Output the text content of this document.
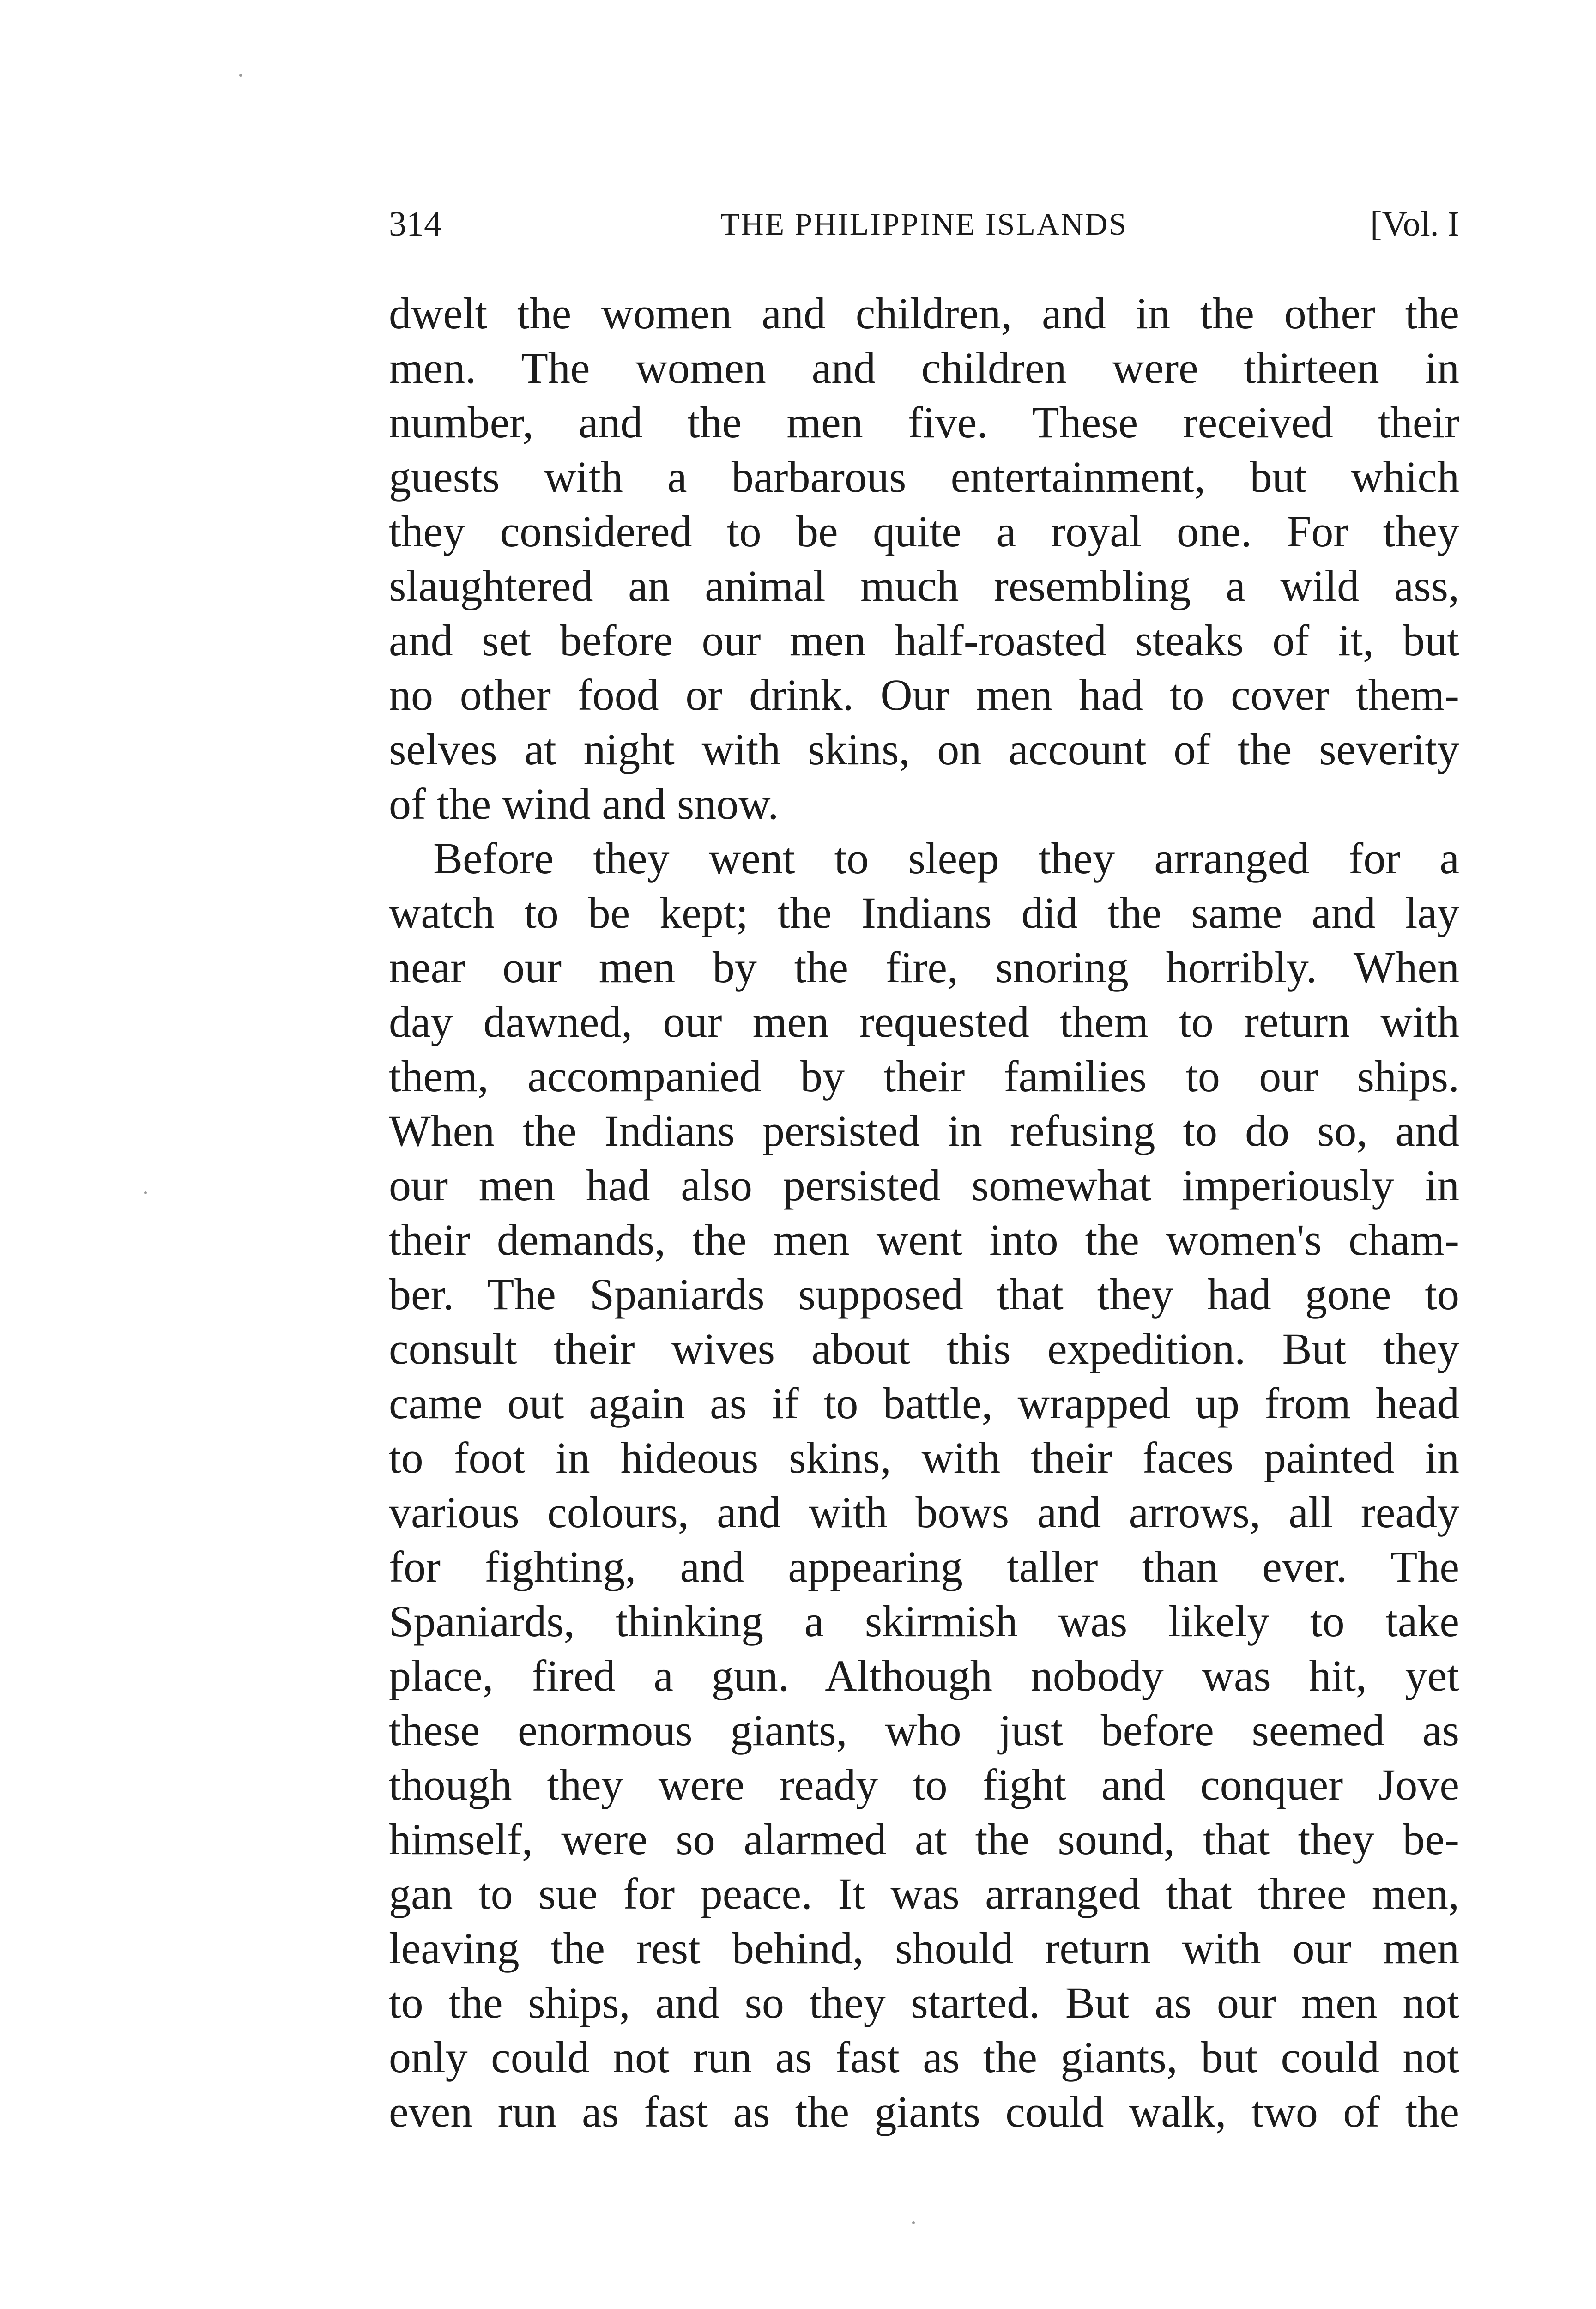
314	THE PHILIPPINE ISLANDS	[Vol. I
dwelt the women and children, and in the other the
men. The women and children were thirteen in
number, and the men five. These received their
guests with a barbarous entertainment, but which
they considered to be quite a royal one. For they
slaughtered an animal much resembling a wild ass,
and set before our men half-roasted steaks of it, but
no other food or drink. Our men had to cover them-
selves at night with skins, on account of the severity
of the wind and snow.
Before they went to sleep they arranged for a
watch to be kept; the Indians did the same and lay
near our men by the fire, snoring horribly. When
day dawned, our men requested them to return with
them, accompanied by their families to our ships.
When the Indians persisted in refusing to do so, and
our men had also persisted somewhat imperiously in
their demands, the men went into the women's cham-
ber. The Spaniards supposed that they had gone to
consult their wives about this expedition. But they
came out again as if to battle, wrapped up from head
to foot in hideous skins, with their faces painted in
various colours, and with bows and arrows, all ready
for fighting, and appearing taller than ever. The
Spaniards, thinking a skirmish was likely to take
place, fired a gun. Although nobody was hit, yet
these enormous giants, who just before seemed as
though they were ready to fight and conquer Jove
himself, were so alarmed at the sound, that they be-
gan to sue for peace. It was arranged that three men,
leaving the rest behind, should return with our men
to the ships, and so they started. But as our men not
only could not run as fast as the giants, but could not
even run as fast as the giants could walk, two of the
